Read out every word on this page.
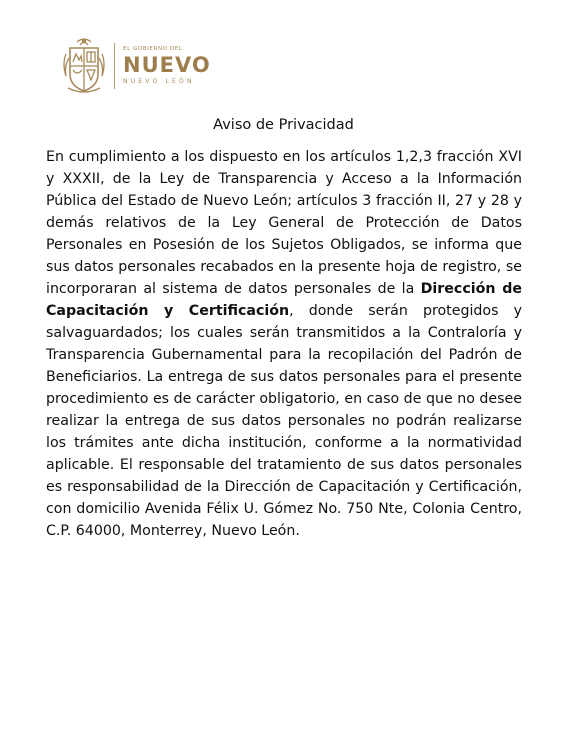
EL GOBIERNO DEL
NUEVO
NUEVO LEÓN
Aviso de Privacidad

En cumplimiento a los dispuesto en los artículos 1,2,3 fracción XVI y XXXII, de la Ley de Transparencia y Acceso a la Información Pública del Estado de Nuevo León; artículos 3 fracción II, 27 y 28 y demás relativos de la Ley General de Protección de Datos Personales en Posesión de los Sujetos Obligados, se informa que sus datos personales recabados en la presente hoja de registro, se incorporaran al sistema de datos personales de la Dirección de Capacitación y Certificación, donde serán protegidos y salvaguardados; los cuales serán transmitidos a la Contraloría y Transparencia Gubernamental para la recopilación del Padrón de Beneficiarios. La entrega de sus datos personales para el presente procedimiento es de carácter obligatorio, en caso de que no desee realizar la entrega de sus datos personales no podrán realizarse los trámites ante dicha institución, conforme a la normatividad aplicable. El responsable del tratamiento de sus datos personales es responsabilidad de la Dirección de Capacitación y Certificación, con domicilio Avenida Félix U. Gómez No. 750 Nte, Colonia Centro, C.P. 64000, Monterrey, Nuevo León.
